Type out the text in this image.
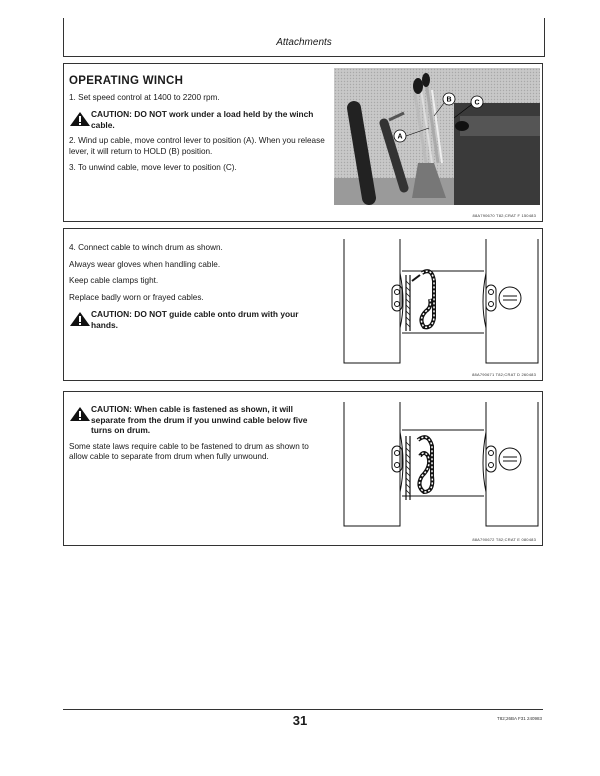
Attachments
OPERATING WINCH

1. Set speed control at 1400 to 2200 rpm.

CAUTION: DO NOT work under a load held by the winch cable.

2. Wind up cable, move control lever to position (A). When you release lever, it will return to HOLD (B) position.

3. To unwind cable, move lever to position (C).

A
B	C
88A790670 T82;CRAT F 150483

4. Connect cable to winch drum as shown.

Always wear gloves when handling cable.

Keep cable clamps tight.

Replace badly worn or frayed cables.

CAUTION: DO NOT guide cable onto drum with your hands.
88A790671 T82;CRAT D 260483
CAUTION: When cable is fastened as shown, it will separate from the drum if you unwind cable below five turns on drum.

Some state laws require cable to be fastened to drum as shown to allow cable to separate from drum when fully unwound.

88A790672 T82;CRAT E 080483
31	T82;26BA F31 240983
